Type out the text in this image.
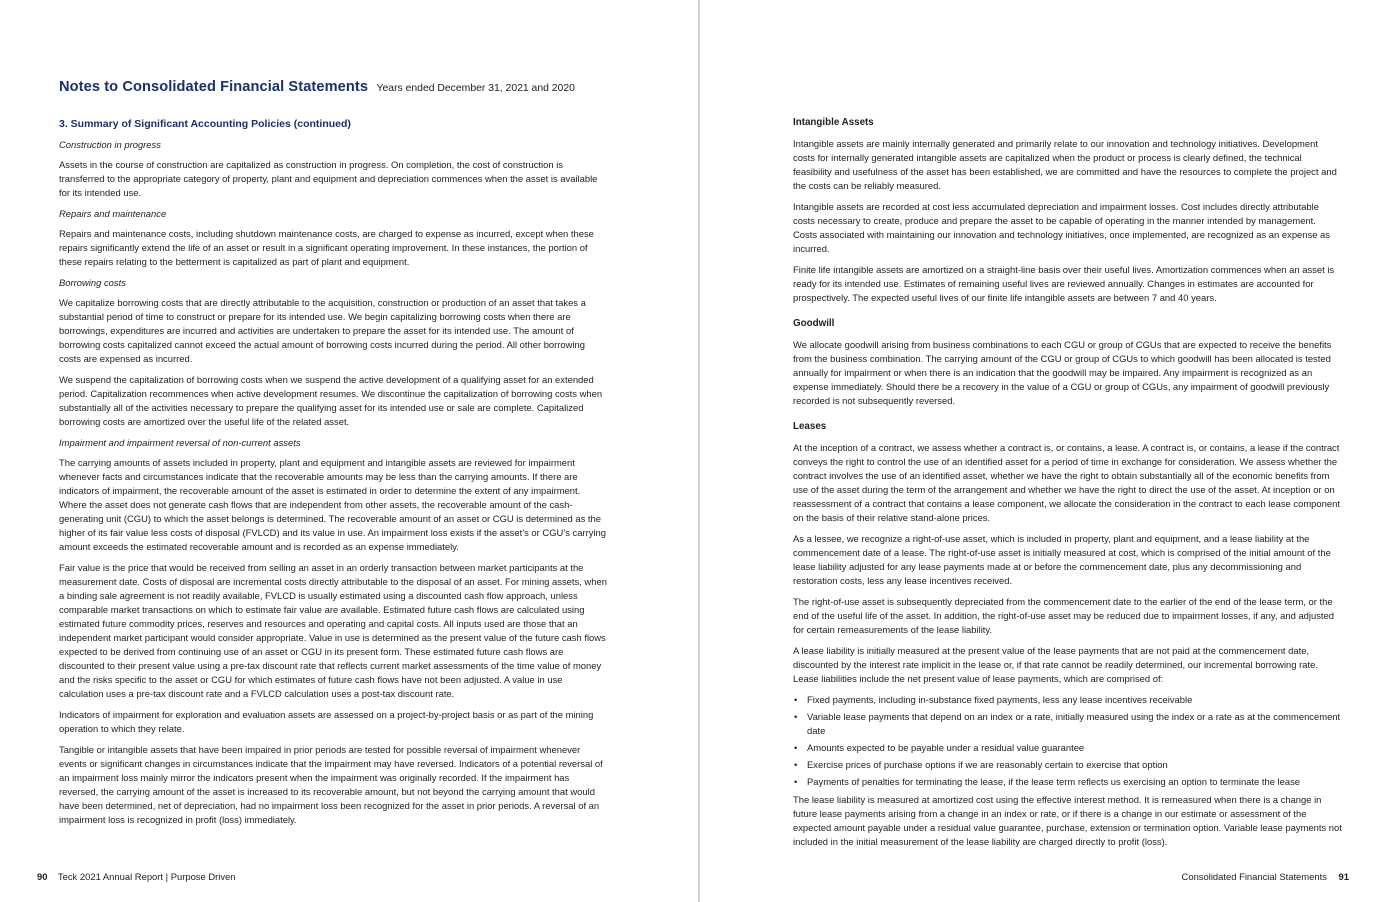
Notes to Consolidated Financial Statements Years ended December 31, 2021 and 2020
3. Summary of Significant Accounting Policies (continued)
Construction in progress

Assets in the course of construction are capitalized as construction in progress. On completion, the cost of construction is transferred to the appropriate category of property, plant and equipment and depreciation commences when the asset is available for its intended use.

Repairs and maintenance

Repairs and maintenance costs, including shutdown maintenance costs, are charged to expense as incurred, except when these repairs significantly extend the life of an asset or result in a significant operating improvement. In these instances, the portion of these repairs relating to the betterment is capitalized as part of plant and equipment.

Borrowing costs

We capitalize borrowing costs that are directly attributable to the acquisition, construction or production of an asset that takes a substantial period of time to construct or prepare for its intended use. We begin capitalizing borrowing costs when there are borrowings, expenditures are incurred and activities are undertaken to prepare the asset for its intended use. The amount of borrowing costs capitalized cannot exceed the actual amount of borrowing costs incurred during the period. All other borrowing costs are expensed as incurred.

We suspend the capitalization of borrowing costs when we suspend the active development of a qualifying asset for an extended period. Capitalization recommences when active development resumes. We discontinue the capitalization of borrowing costs when substantially all of the activities necessary to prepare the qualifying asset for its intended use or sale are complete. Capitalized borrowing costs are amortized over the useful life of the related asset.

Impairment and impairment reversal of non-current assets

The carrying amounts of assets included in property, plant and equipment and intangible assets are reviewed for impairment whenever facts and circumstances indicate that the recoverable amounts may be less than the carrying amounts. If there are indicators of impairment, the recoverable amount of the asset is estimated in order to determine the extent of any impairment. Where the asset does not generate cash flows that are independent from other assets, the recoverable amount of the cash-generating unit (CGU) to which the asset belongs is determined. The recoverable amount of an asset or CGU is determined as the higher of its fair value less costs of disposal (FVLCD) and its value in use. An impairment loss exists if the asset’s or CGU’s carrying amount exceeds the estimated recoverable amount and is recorded as an expense immediately.

Fair value is the price that would be received from selling an asset in an orderly transaction between market participants at the measurement date. Costs of disposal are incremental costs directly attributable to the disposal of an asset. For mining assets, when a binding sale agreement is not readily available, FVLCD is usually estimated using a discounted cash flow approach, unless comparable market transactions on which to estimate fair value are available. Estimated future cash flows are calculated using estimated future commodity prices, reserves and resources and operating and capital costs. All inputs used are those that an independent market participant would consider appropriate. Value in use is determined as the present value of the future cash flows expected to be derived from continuing use of an asset or CGU in its present form. These estimated future cash flows are discounted to their present value using a pre-tax discount rate that reflects current market assessments of the time value of money and the risks specific to the asset or CGU for which estimates of future cash flows have not been adjusted. A value in use calculation uses a pre-tax discount rate and a FVLCD calculation uses a post-tax discount rate.

Indicators of impairment for exploration and evaluation assets are assessed on a project-by-project basis or as part of the mining operation to which they relate.

Tangible or intangible assets that have been impaired in prior periods are tested for possible reversal of impairment whenever events or significant changes in circumstances indicate that the impairment may have reversed. Indicators of a potential reversal of an impairment loss mainly mirror the indicators present when the impairment was originally recorded. If the impairment has reversed, the carrying amount of the asset is increased to its recoverable amount, but not beyond the carrying amount that would have been determined, net of depreciation, had no impairment loss been recognized for the asset in prior periods. A reversal of an impairment loss is recognized in profit (loss) immediately.

90 Teck 2021 Annual Report | Purpose Driven
Intangible Assets

Intangible assets are mainly internally generated and primarily relate to our innovation and technology initiatives. Development costs for internally generated intangible assets are capitalized when the product or process is clearly defined, the technical feasibility and usefulness of the asset has been established, we are committed and have the resources to complete the project and the costs can be reliably measured.

Intangible assets are recorded at cost less accumulated depreciation and impairment losses. Cost includes directly attributable costs necessary to create, produce and prepare the asset to be capable of operating in the manner intended by management. Costs associated with maintaining our innovation and technology initiatives, once implemented, are recognized as an expense as incurred.

Finite life intangible assets are amortized on a straight-line basis over their useful lives. Amortization commences when an asset is ready for its intended use. Estimates of remaining useful lives are reviewed annually. Changes in estimates are accounted for prospectively. The expected useful lives of our finite life intangible assets are between 7 and 40 years.

Goodwill

We allocate goodwill arising from business combinations to each CGU or group of CGUs that are expected to receive the benefits from the business combination. The carrying amount of the CGU or group of CGUs to which goodwill has been allocated is tested annually for impairment or when there is an indication that the goodwill may be impaired. Any impairment is recognized as an expense immediately. Should there be a recovery in the value of a CGU or group of CGUs, any impairment of goodwill previously recorded is not subsequently reversed.

Leases

At the inception of a contract, we assess whether a contract is, or contains, a lease. A contract is, or contains, a lease if the contract conveys the right to control the use of an identified asset for a period of time in exchange for consideration. We assess whether the contract involves the use of an identified asset, whether we have the right to obtain substantially all of the economic benefits from use of the asset during the term of the arrangement and whether we have the right to direct the use of the asset. At inception or on reassessment of a contract that contains a lease component, we allocate the consideration in the contract to each lease component on the basis of their relative stand-alone prices.

As a lessee, we recognize a right-of-use asset, which is included in property, plant and equipment, and a lease liability at the commencement date of a lease. The right-of-use asset is initially measured at cost, which is comprised of the initial amount of the lease liability adjusted for any lease payments made at or before the commencement date, plus any decommissioning and restoration costs, less any lease incentives received.

The right-of-use asset is subsequently depreciated from the commencement date to the earlier of the end of the lease term, or the end of the useful life of the asset. In addition, the right-of-use asset may be reduced due to impairment losses, if any, and adjusted for certain remeasurements of the lease liability.

A lease liability is initially measured at the present value of the lease payments that are not paid at the commencement date, discounted by the interest rate implicit in the lease or, if that rate cannot be readily determined, our incremental borrowing rate. Lease liabilities include the net present value of lease payments, which are comprised of:

• Fixed payments, including in-substance fixed payments, less any lease incentives receivable
• Variable lease payments that depend on an index or a rate, initially measured using the index or a rate as at the commencement date
• Amounts expected to be payable under a residual value guarantee
• Exercise prices of purchase options if we are reasonably certain to exercise that option
• Payments of penalties for terminating the lease, if the lease term reflects us exercising an option to terminate the lease

The lease liability is measured at amortized cost using the effective interest method. It is remeasured when there is a change in future lease payments arising from a change in an index or rate, or if there is a change in our estimate or assessment of the expected amount payable under a residual value guarantee, purchase, extension or termination option. Variable lease payments not included in the initial measurement of the lease liability are charged directly to profit (loss).

Consolidated Financial Statements 91
